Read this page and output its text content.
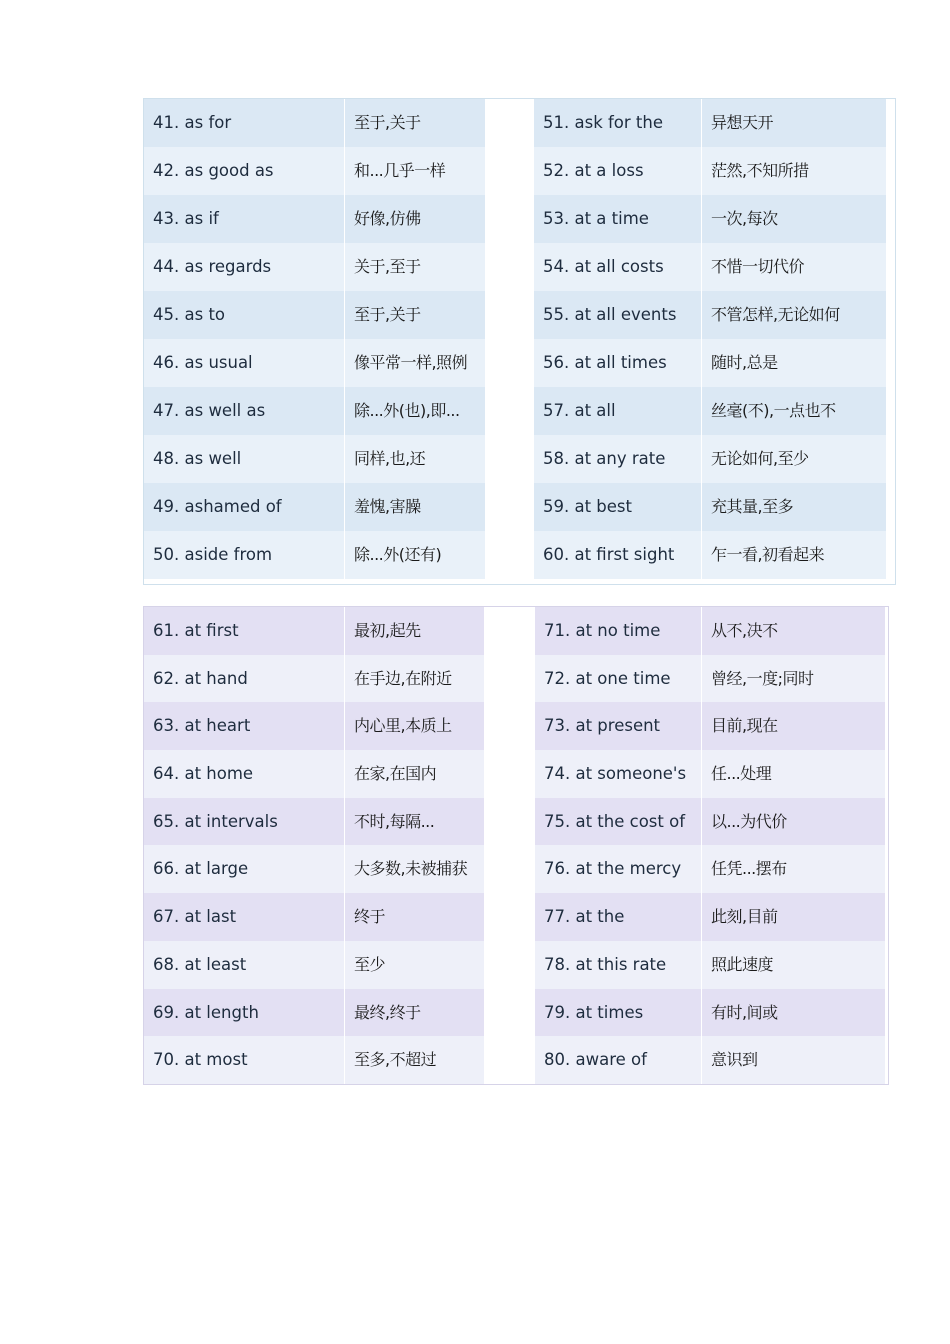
41. as for	至于,关于
42. as good as	和...几乎一样
43. as if	好像,仿佛
44. as regards	关于,至于
45. as to	至于,关于
46. as usual	像平常一样,照例
47. as well as	除...外(也),即...
48. as well	同样,也,还
49. ashamed of	羞愧,害臊
50. aside from	除...外(还有)
51. ask for the	异想天开
52. at a loss	茫然,不知所措
53. at a time	一次,每次
54. at all costs	不惜一切代价
55. at all events	不管怎样,无论如何
56. at all times	随时,总是
57. at all	丝毫(不),一点也不
58. at any rate	无论如何,至少
59. at best	充其量,至多
60. at first sight	乍一看,初看起来
61. at first	最初,起先
62. at hand	在手边,在附近
63. at heart	内心里,本质上
64. at home	在家,在国内
65. at intervals	不时,每隔...
66. at large	大多数,未被捕获
67. at last	终于
68. at least	至少
69. at length	最终,终于
70. at most	至多,不超过
71. at no time	从不,决不
72. at one time	曾经,一度;同时
73. at present	目前,现在
74. at someone's	任...处理
75. at the cost of	以...为代价
76. at the mercy	任凭...摆布
77. at the	此刻,目前
78. at this rate	照此速度
79. at times	有时,间或
80. aware of	意识到
